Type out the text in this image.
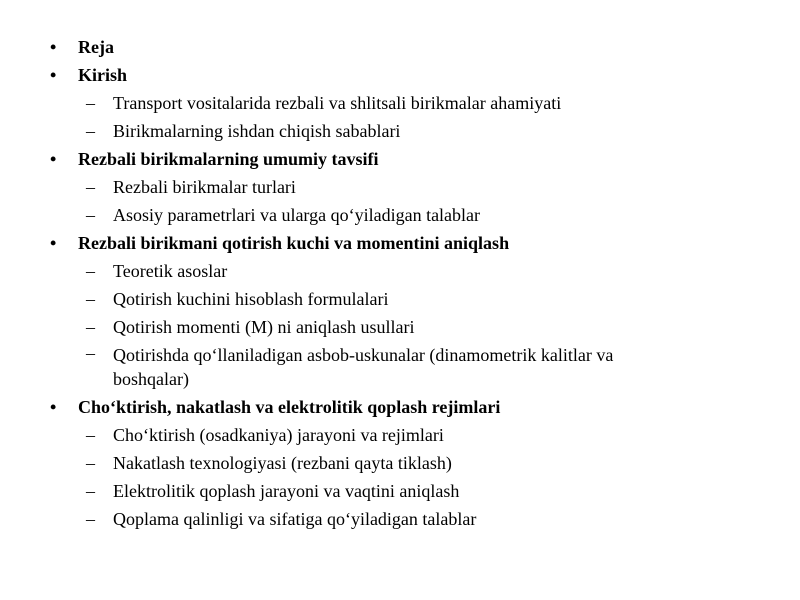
• Reja
• Kirish
– Transport vositalarida rezbali va shlitsali birikmalar ahamiyati
– Birikmalarning ishdan chiqish sabablari
• Rezbali birikmalarning umumiy tavsifi
– Rezbali birikmalar turlari
– Asosiy parametrlari va ularga qo‘yiladigan talablar
• Rezbali birikmani qotirish kuchi va momentini aniqlash
– Teoretik asoslar
– Qotirish kuchini hisoblash formulalari
– Qotirish momenti (M) ni aniqlash usullari
– Qotirishda qo‘llaniladigan asbob-uskunalar (dinamometrik kalitlar va boshqalar)
• Cho‘ktirish, nakatlash va elektrolitik qoplash rejimlari
– Cho‘ktirish (osadkaniya) jarayoni va rejimlari
– Nakatlash texnologiyasi (rezbani qayta tiklash)
– Elektrolitik qoplash jarayoni va vaqtini aniqlash
– Qoplama qalinligi va sifatiga qo‘yiladigan talablar
